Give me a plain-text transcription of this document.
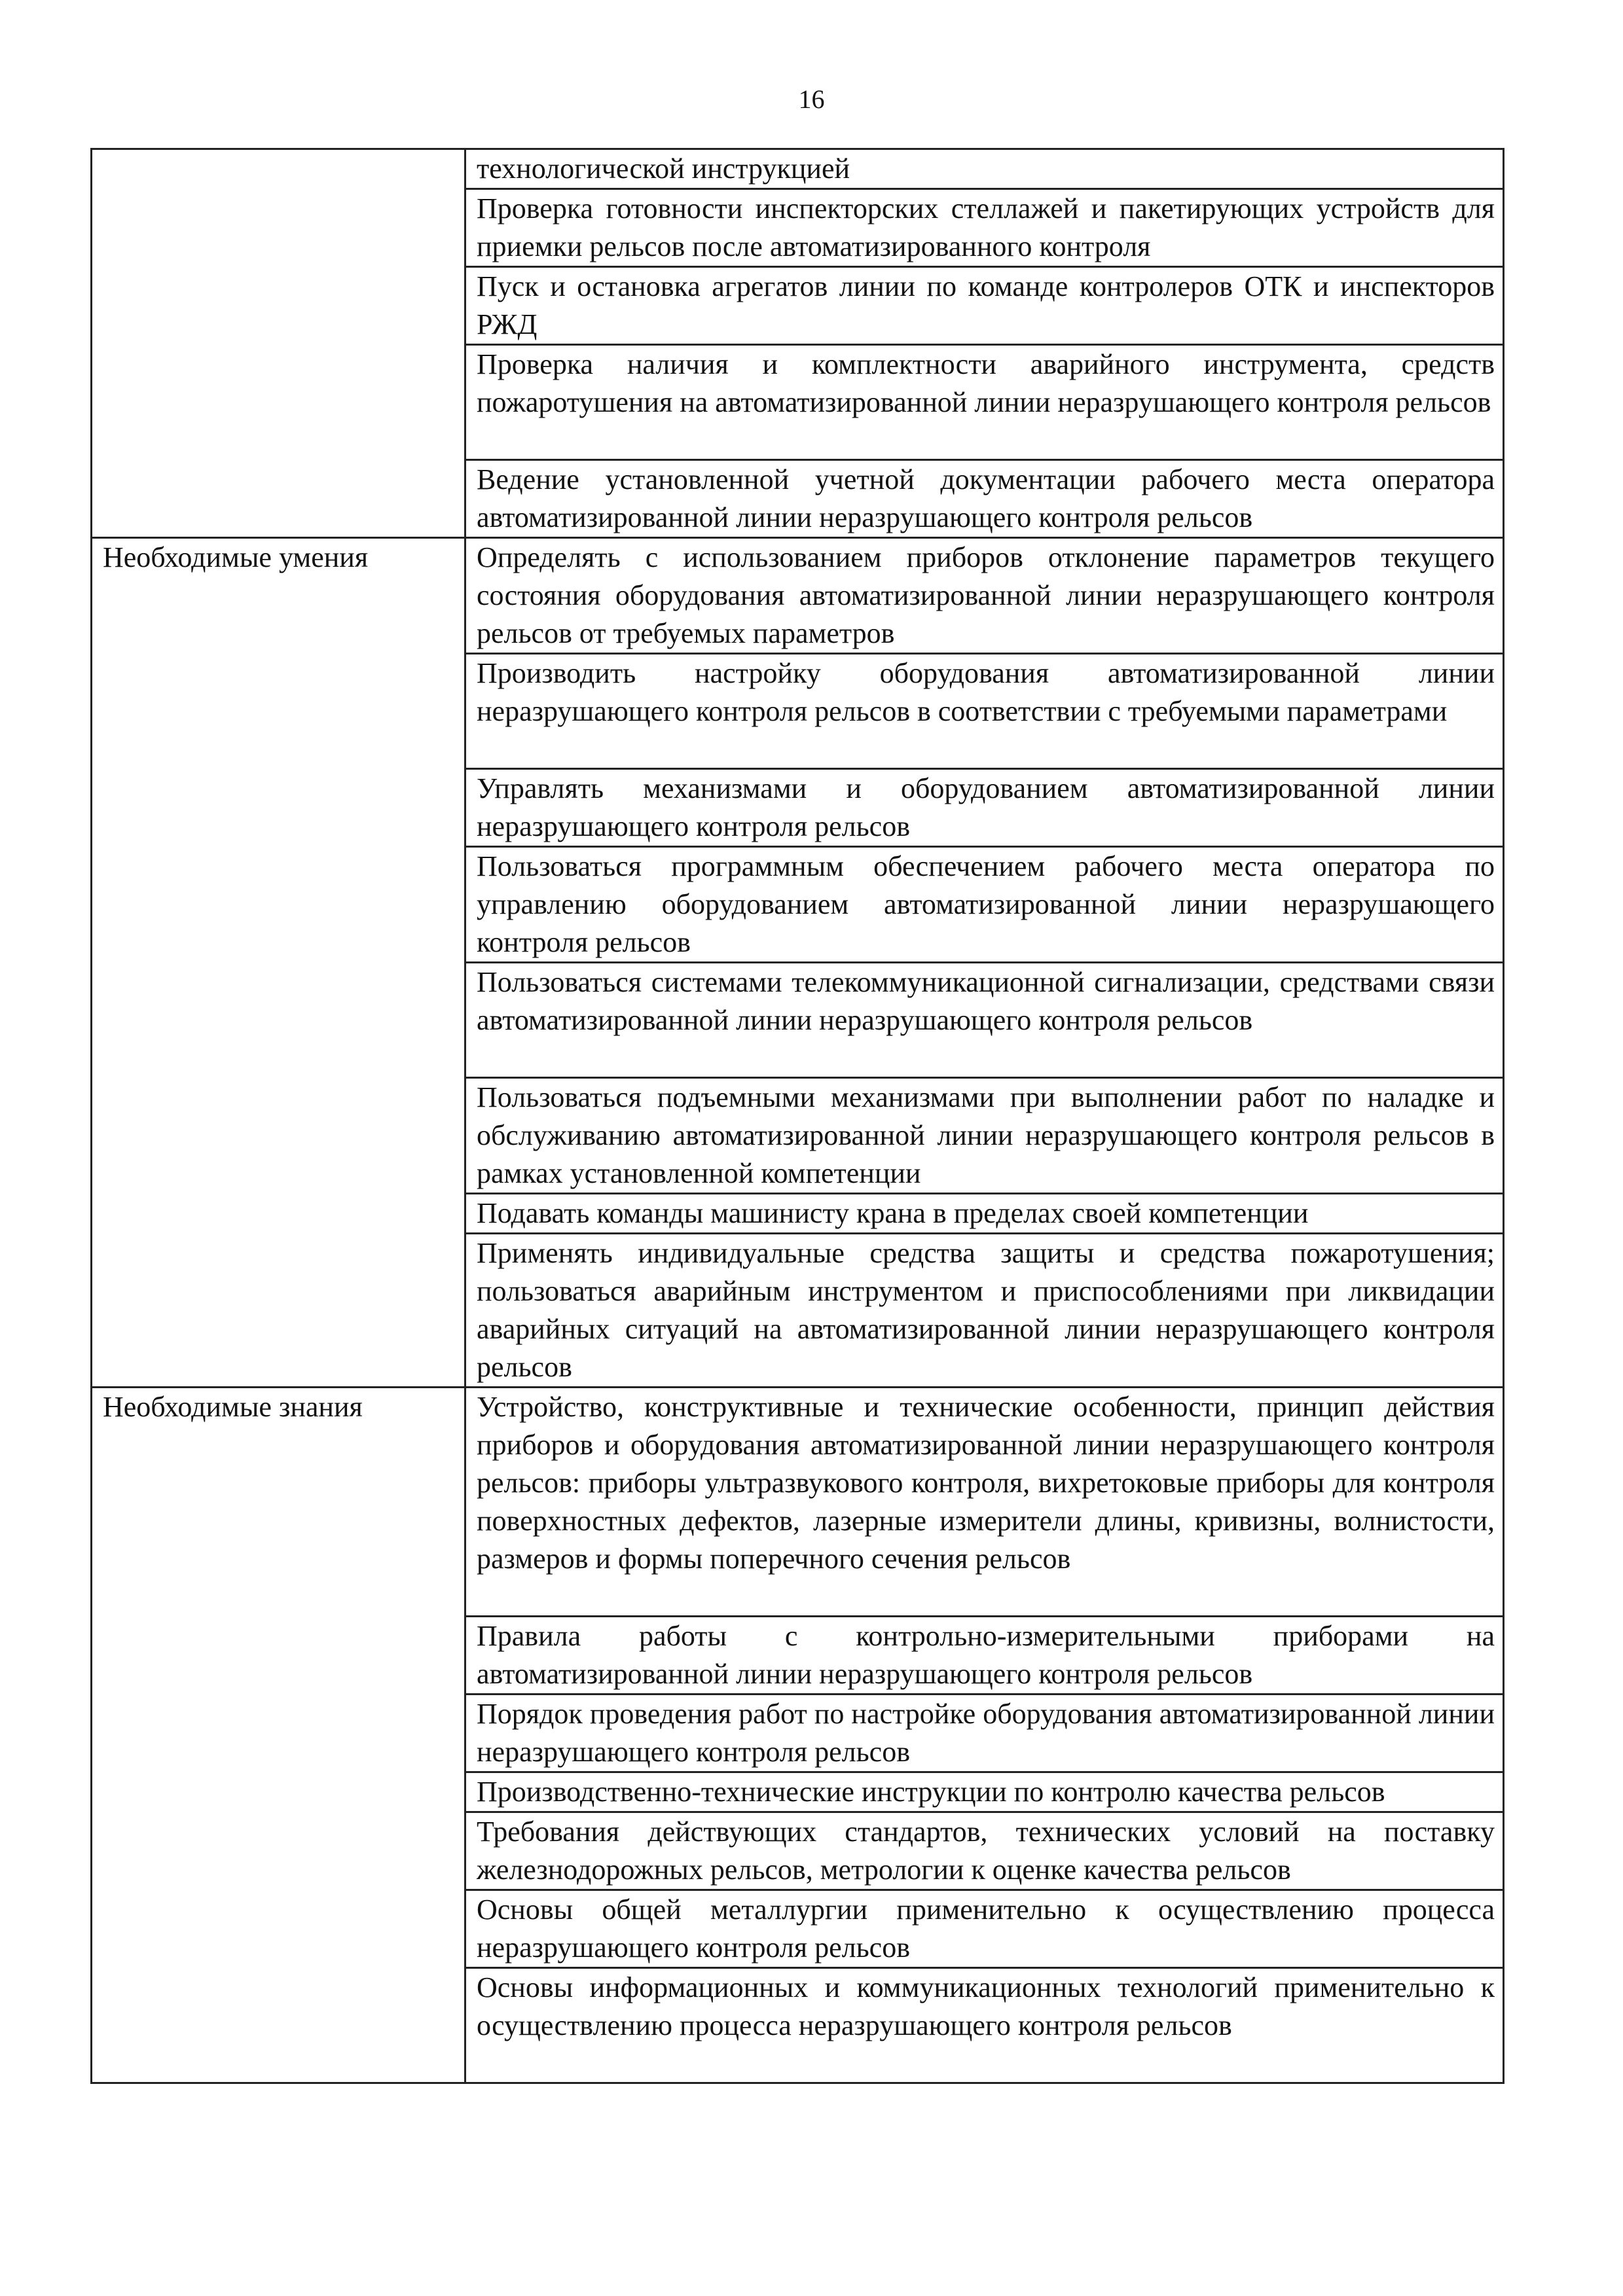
16
	технологической инструкцией
	Проверка готовности инспекторских стеллажей и пакетирующих устройств для приемки рельсов после автоматизированного контроля
	Пуск и остановка агрегатов линии по команде контролеров ОТК и инспекторов РЖД
	Проверка наличия и комплектности аварийного инструмента, средств пожаротушения на автоматизированной линии неразрушающего контроля рельсов
	Ведение установленной учетной документации рабочего места оператора автоматизированной линии неразрушающего контроля рельсов
Необходимые умения	Определять с использованием приборов отклонение параметров текущего состояния оборудования автоматизированной линии неразрушающего контроля рельсов от требуемых параметров
	Производить настройку оборудования автоматизированной линии неразрушающего контроля рельсов в соответствии с требуемыми параметрами
	Управлять механизмами и оборудованием автоматизированной линии неразрушающего контроля рельсов
	Пользоваться программным обеспечением рабочего места оператора по управлению оборудованием автоматизированной линии неразрушающего контроля рельсов
	Пользоваться системами телекоммуникационной сигнализации, средствами связи автоматизированной линии неразрушающего контроля рельсов
	Пользоваться подъемными механизмами при выполнении работ по наладке и обслуживанию автоматизированной линии неразрушающего контроля рельсов в рамках установленной компетенции
	Подавать команды машинисту крана в пределах своей компетенции
	Применять индивидуальные средства защиты и средства пожаротушения; пользоваться аварийным инструментом и приспособлениями при ликвидации аварийных ситуаций на автоматизированной линии неразрушающего контроля рельсов
Необходимые знания	Устройство, конструктивные и технические особенности, принцип действия приборов и оборудования автоматизированной линии неразрушающего контроля рельсов: приборы ультразвукового контроля, вихретоковые приборы для контроля поверхностных дефектов, лазерные измерители длины, кривизны, волнистости, размеров и формы поперечного сечения рельсов
	Правила работы с контрольно-измерительными приборами на автоматизированной линии неразрушающего контроля рельсов
	Порядок проведения работ по настройке оборудования автоматизированной линии неразрушающего контроля рельсов
	Производственно-технические инструкции по контролю качества рельсов
	Требования действующих стандартов, технических условий на поставку железнодорожных рельсов, метрологии к оценке качества рельсов
	Основы общей металлургии применительно к осуществлению процесса неразрушающего контроля рельсов
	Основы информационных и коммуникационных технологий применительно к осуществлению процесса неразрушающего контроля рельсов
